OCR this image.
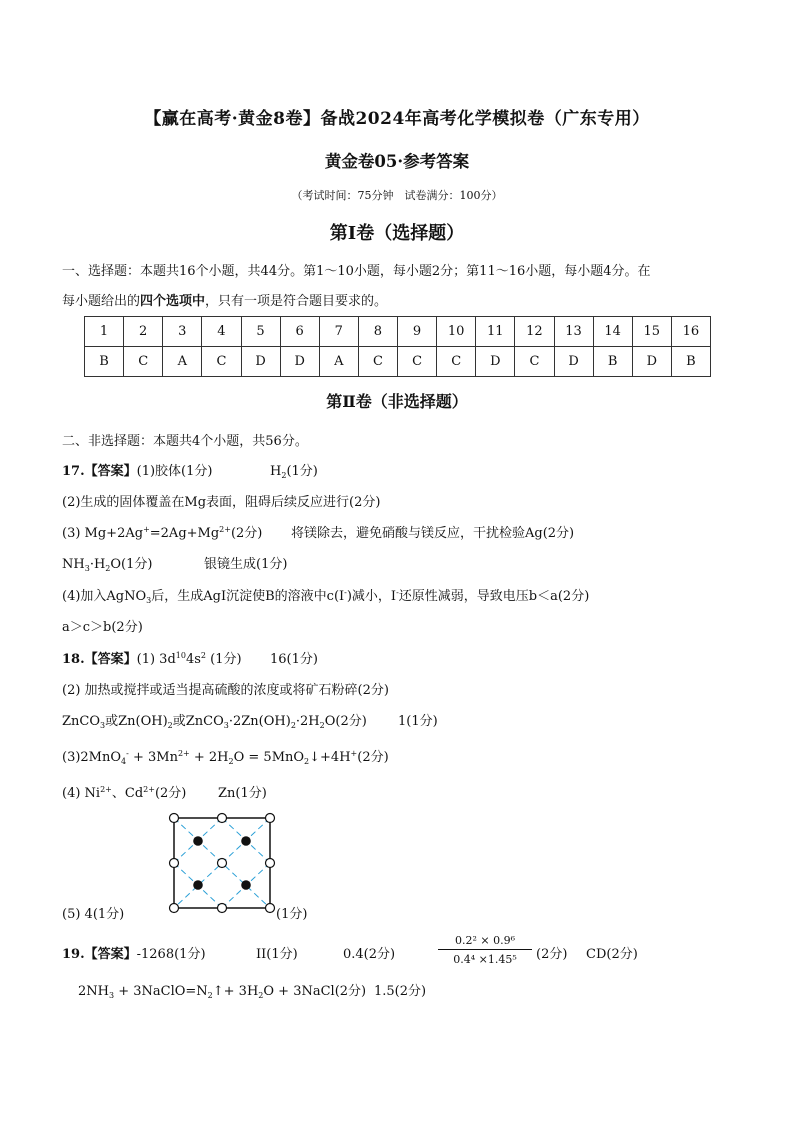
【赢在高考·黄金8卷】备战2024年高考化学模拟卷（广东专用）
黄金卷05·参考答案
（考试时间：75分钟　试卷满分：100分）
第I卷（选择题）
一、选择题：本题共16个小题，共44分。第1～10小题，每小题2分；第11～16小题，每小题4分。在
每小题给出的四个选项中，只有一项是符合题目要求的。
1	2	3	4	5	6	7	8	9	10	11	12	13	14	15	16
B	C	A	C	D	D	A	C	C	C	D	C	D	B	D	B
第Ⅱ卷（非选择题）
二、非选择题：本题共4个小题，共56分。
17.【答案】(1)胶体(1分)	$H_2(1$分)
(2)生成的固体覆盖在Mg表面，阻碍后续反应进行(2分)
(3) $Mg+2Ag^+=2Ag+Mg^{2+}(2$分) 将镁除去，避免硝酸与镁反应，干扰检验Ag(2分)
$NH_3\cdot H_2O(1$分)	银镜生成(1分)
(4)加入AgNO$_3$后，生成AgI沉淀使B的溶液中c(I-)减小，I-还原性减弱，导致电压b＜a(2分)
a＞c＞b(2分)
18.【答案】(1) $3d^{10}4s^2$ (1分) 16(1分)
(2) 加热或搅拌或适当提高硫酸的浓度或将矿石粉碎(2分)
ZnCO$_3$或$Zn(OH)_2$或$ZnCO_3\cdot 2Zn(OH)_2\cdot 2H_2O(2$分) 1(1分)
$(3)2MnO_4^- + 3Mn^{2+} + 2H_2O$ = 5MnO$_2$↓+4H+(2分)
(4) $Ni^{2+}$、$Cd^{2+}(2$分) Zn(1分)
(5) 4(1分)	(1分)
19.【答案】-1268(1分)	II(1分)	0.4(2分)
0.2² × 0.9⁶
0.4⁴ ×1.45⁵	(2分) CD(2分)
$2NH_3$ + $3NaClO=N_2↑+ 3H_2O$ + 3NaCl(2分) 1.5(2分)
